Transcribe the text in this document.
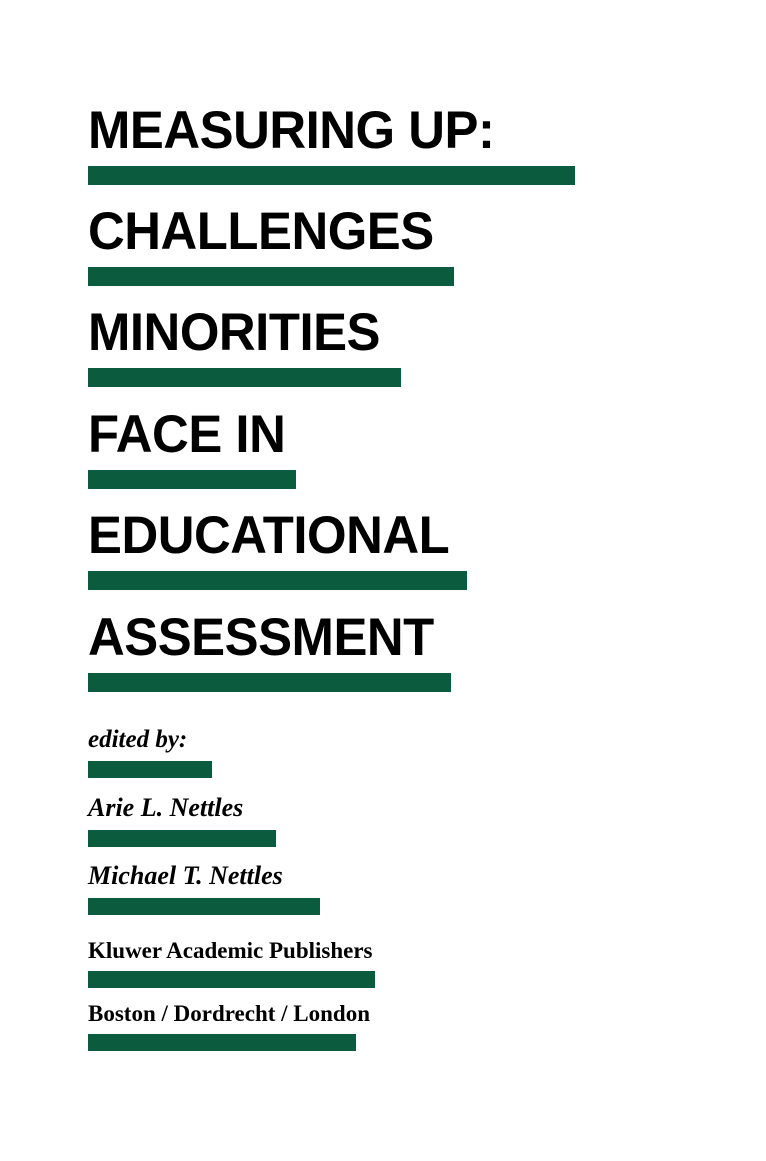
MEASURING UP:
CHALLENGES
MINORITIES
FACE IN
EDUCATIONAL
ASSESSMENT
edited by:
Arie L. Nettles
Michael T. Nettles
Kluwer Academic Publishers
Boston / Dordrecht / London
